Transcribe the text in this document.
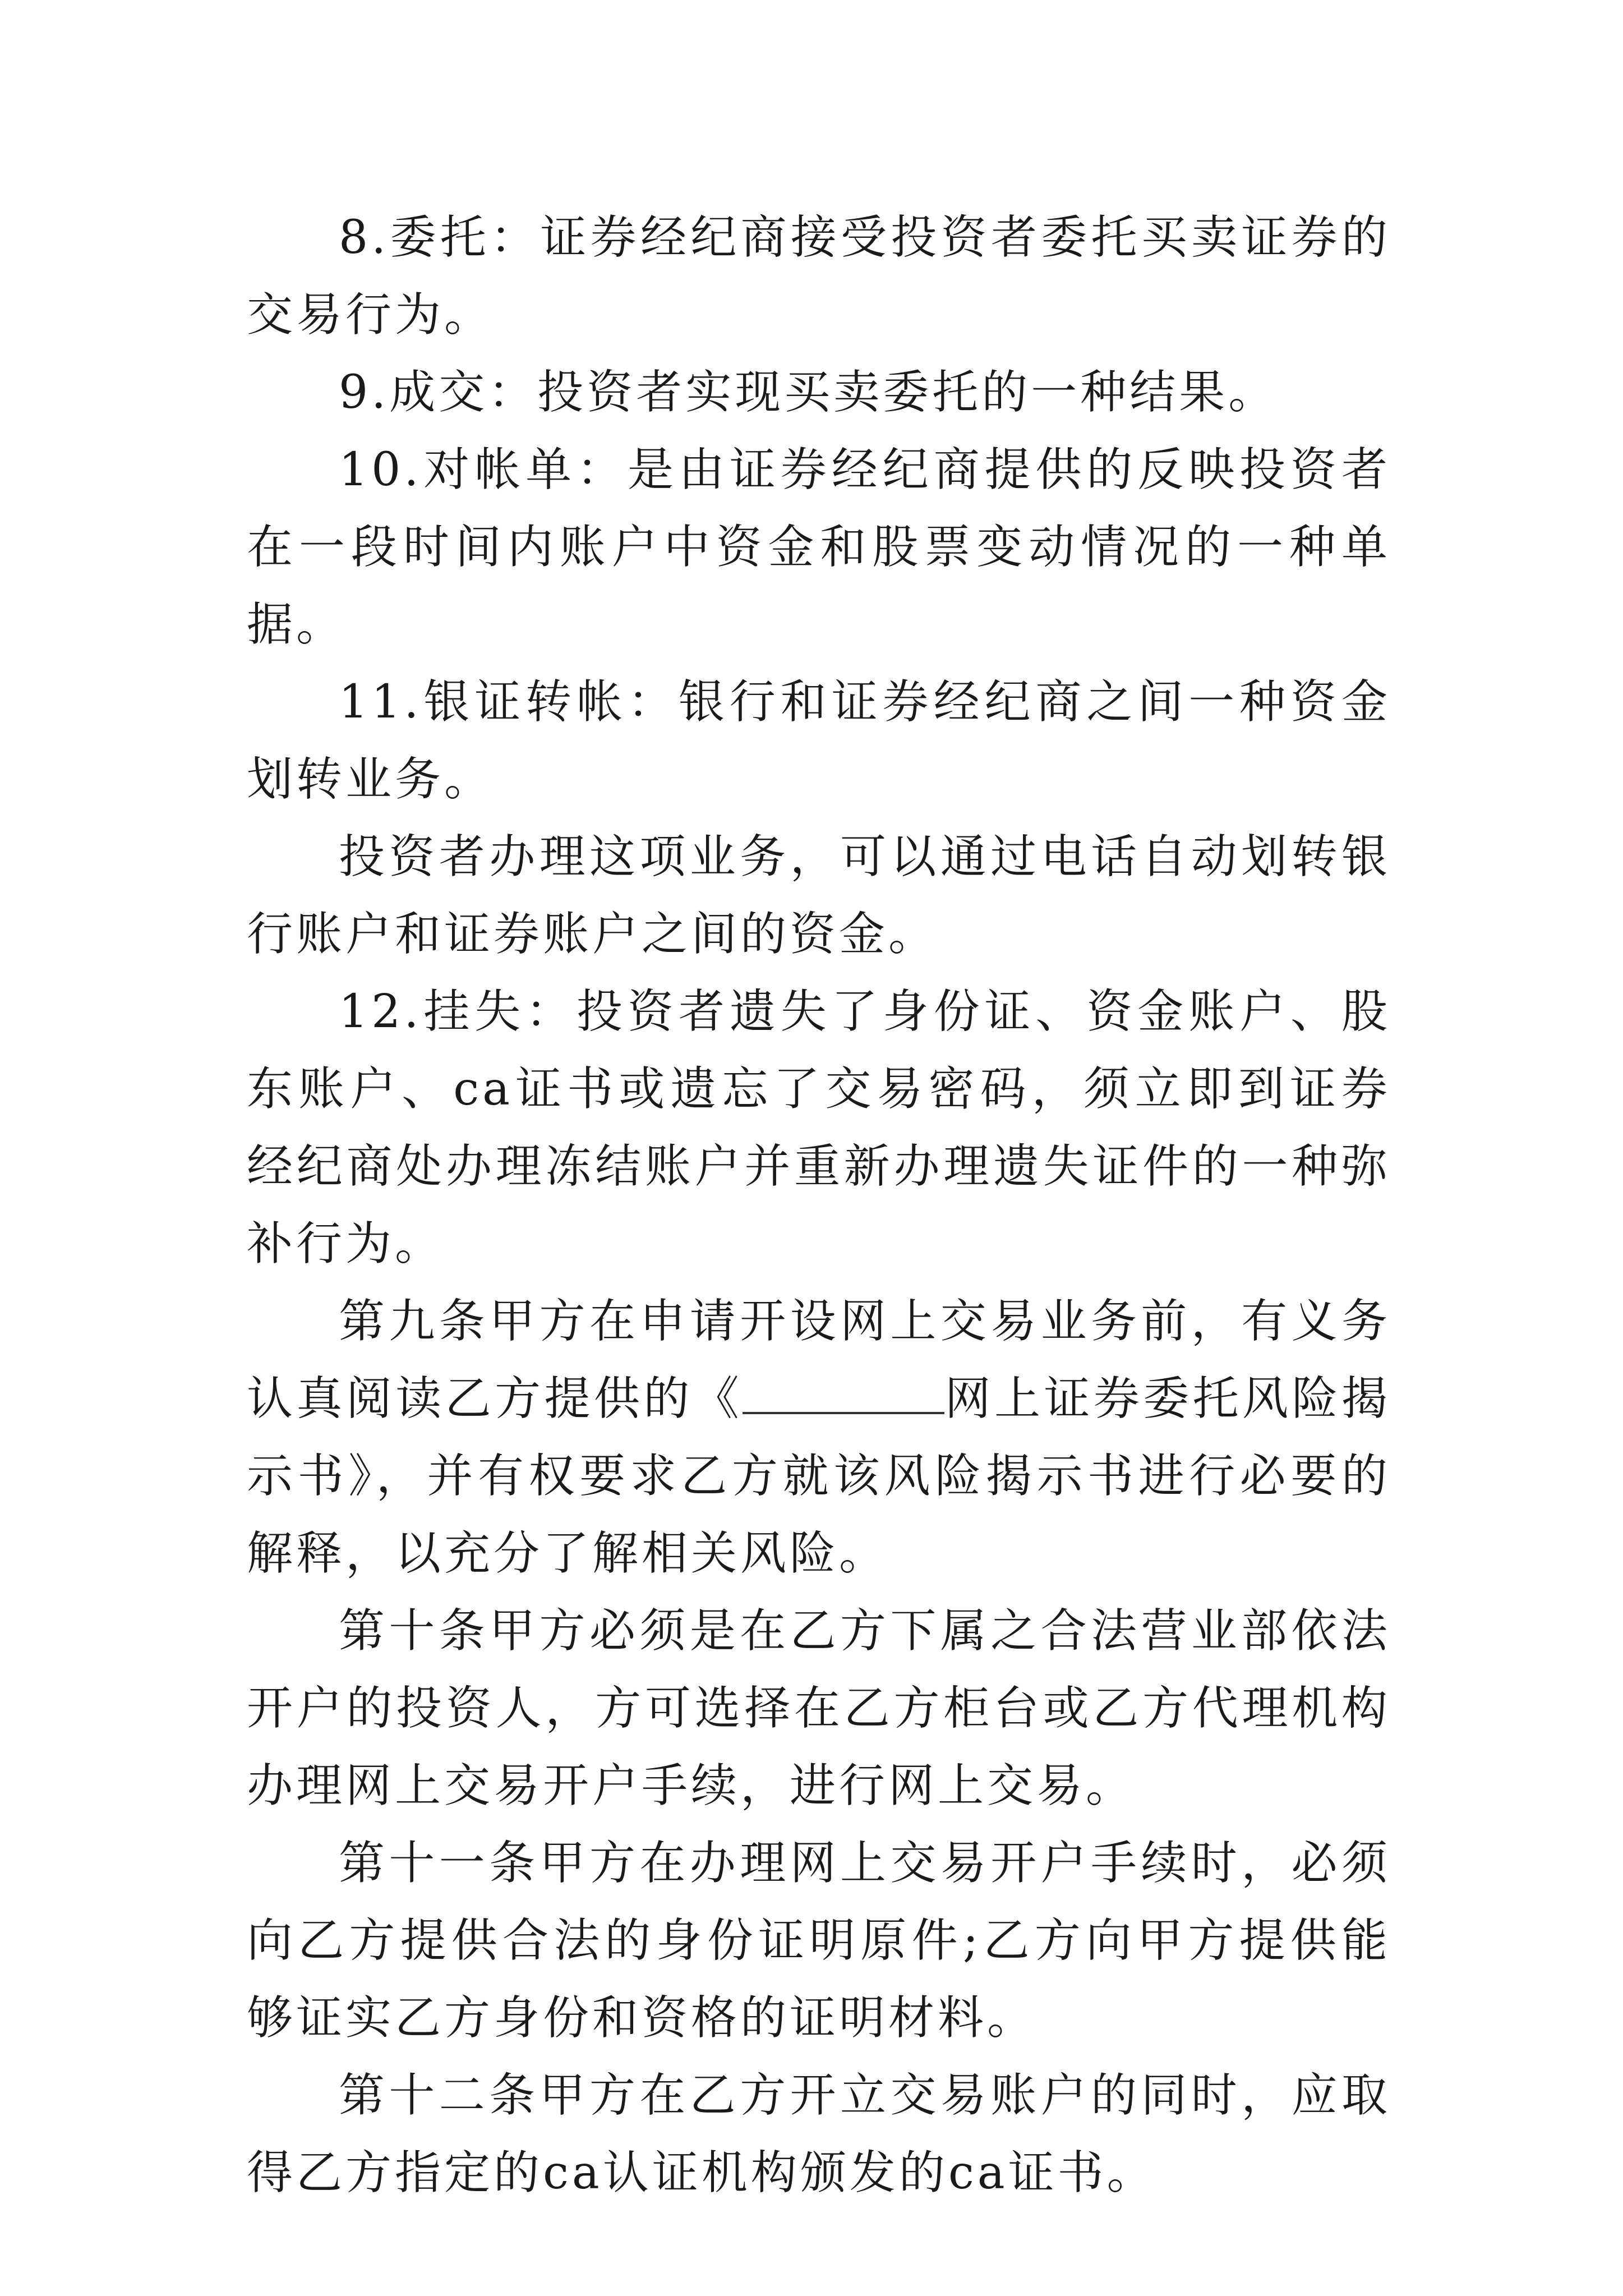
8.委托：证券经纪商接受投资者委托买卖证券的交易行为。

9.成交：投资者实现买卖委托的一种结果。

10.对帐单：是由证券经纪商提供的反映投资者在一段时间内账户中资金和股票变动情况的一种单据。

11.银证转帐：银行和证券经纪商之间一种资金划转业务。

投资者办理这项业务，可以通过电话自动划转银行账户和证券账户之间的资金。

12.挂失：投资者遗失了身份证、资金账户、股东账户、ca证书或遗忘了交易密码，须立即到证券经纪商处办理冻结账户并重新办理遗失证件的一种弥补行为。

第九条甲方在申请开设网上交易业务前，有义务认真阅读乙方提供的《	网上证券委托风险揭示书》，并有权要求乙方就该风险揭示书进行必要的解释，以充分了解相关风险。

第十条甲方必须是在乙方下属之合法营业部依法开户的投资人，方可选择在乙方柜台或乙方代理机构办理网上交易开户手续，进行网上交易。

第十一条甲方在办理网上交易开户手续时，必须向乙方提供合法的身份证明原件;乙方向甲方提供能够证实乙方身份和资格的证明材料。

第十二条甲方在乙方开立交易账户的同时，应取得乙方指定的ca认证机构颁发的ca证书。
